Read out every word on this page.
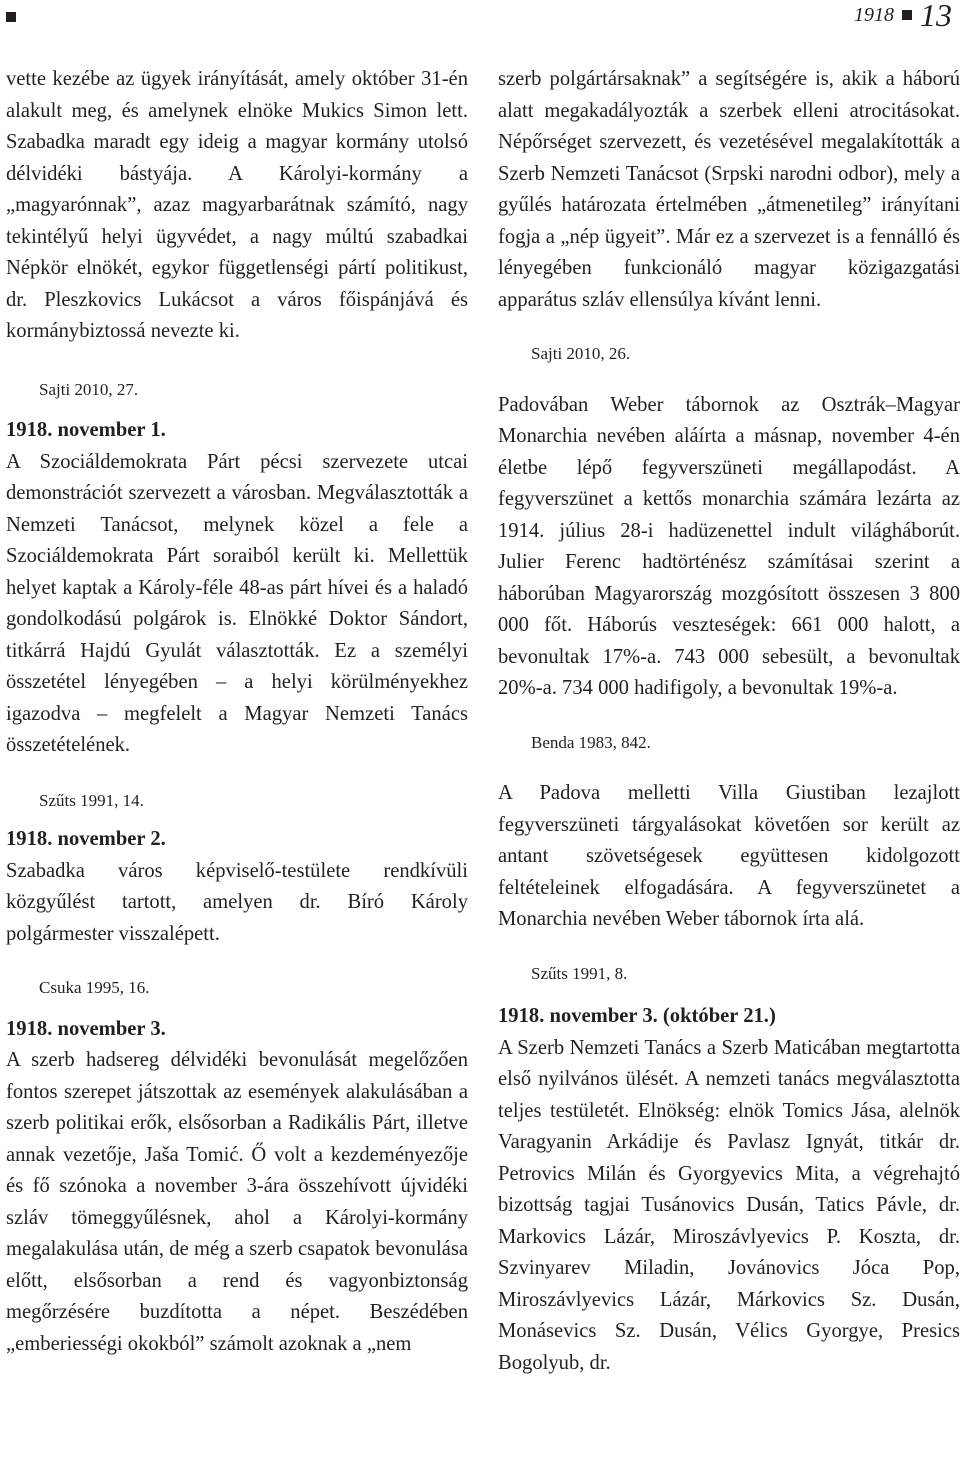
1918 13

vette kezébe az ügyek irányítását, amely október 31-én alakult meg, és amelynek elnöke Mukics Simon lett. Szabadka maradt egy ideig a magyar kormány utolsó délvidéki bástyája. A Károlyi-kormány a „magyarónnak”, azaz magyarbarátnak számító, nagy tekintélyű helyi ügyvédet, a nagy múltú szabadkai Népkör elnökét, egykor függetlenségi pártí politikust, dr. Pleszkovics Lukácsot a város főispánjává és kormánybiztossá nevezte ki.

Sajti 2010, 27.

1918. november 1.

A Szociáldemokrata Párt pécsi szervezete utcai demonstrációt szervezett a városban. Megválasztották a Nemzeti Tanácsot, melynek közel a fele a Szociáldemokrata Párt soraiból került ki. Mellettük helyet kaptak a Károly-féle 48-as párt hívei és a haladó gondolkodású polgárok is. Elnökké Doktor Sándort, titkárrá Hajdú Gyulát választották. Ez a személyi összetétel lényegében – a helyi körülményekhez igazodva – megfelelt a Magyar Nemzeti Tanács összetételének.

Szűts 1991, 14.

1918. november 2.

Szabadka város képviselő-testülete rendkívüli közgyűlést tartott, amelyen dr. Bíró Károly polgármester visszalépett.

Csuka 1995, 16.

1918. november 3.

A szerb hadsereg délvidéki bevonulását megelőzően fontos szerepet játszottak az események alakulásában a szerb politikai erők, elsősorban a Radikális Párt, illetve annak vezetője, Jaša Tomić. Ő volt a kezdeményezője és fő szónoka a november 3-ára összehívott újvidéki szláv tömeggyűlésnek, ahol a Károlyi-kormány megalakulása után, de még a szerb csapatok bevonulása előtt, elsősorban a rend és vagyonbiztonság megőrzésére buzdította a népet. Beszédében „emberiességi okokból” számolt azoknak a „nem

szerb polgártársaknak” a segítségére is, akik a háború alatt megakadályozták a szerbek elleni atrocitásokat. Népőrséget szervezett, és vezetésével megalakították a Szerb Nemzeti Tanácsot (Srpski narodni odbor), mely a gyűlés határozata értelmében „átmenetileg” irányítani fogja a „nép ügyeit”. Már ez a szervezet is a fennálló és lényegében funkcionáló magyar közigazgatási apparátus szláv ellensúlya kívánt lenni.

Sajti 2010, 26.

Padovában Weber tábornok az Osztrák–Magyar Monarchia nevében aláírta a másnap, november 4-én életbe lépő fegyverszüneti megállapodást. A fegyverszünet a kettős monarchia számára lezárta az 1914. július 28-i hadüzenettel indult világháborút. Julier Ferenc hadtörténész számításai szerint a háborúban Magyarország mozgósított összesen 3 800 000 főt. Háborús veszteségek: 661 000 halott, a bevonultak 17%-a. 743 000 sebesült, a bevonultak 20%-a. 734 000 hadifigoly, a bevonultak 19%-a.

Benda 1983, 842.

A Padova melletti Villa Giustiban lezajlott fegyverszüneti tárgyalásokat követően sor került az antant szövetségesek együttesen kidolgozott feltételeinek elfogadására. A fegyverszünetet a Monarchia nevében Weber tábornok írta alá.

Szűts 1991, 8.

1918. november 3. (október 21.)

A Szerb Nemzeti Tanács a Szerb Maticában megtartotta első nyilvános ülését. A nemzeti tanács megválasztotta teljes testületét. Elnökség: elnök Tomics Jása, alelnök Varagyanin Arkádije és Pavlasz Ignyát, titkár dr. Petrovics Milán és Gyorgyevics Mita, a végrehajtó bizottság tagjai Tusánovics Dusán, Tatics Pávle, dr. Markovics Lázár, Miroszávlyevics P. Koszta, dr. Szvinyarev Miladin, Jovánovics Jóca Pop, Miroszávlyevics Lázár, Márkovics Sz. Dusán, Monásevics Sz. Dusán, Vélics Gyorgye, Presics Bogolyub, dr.
